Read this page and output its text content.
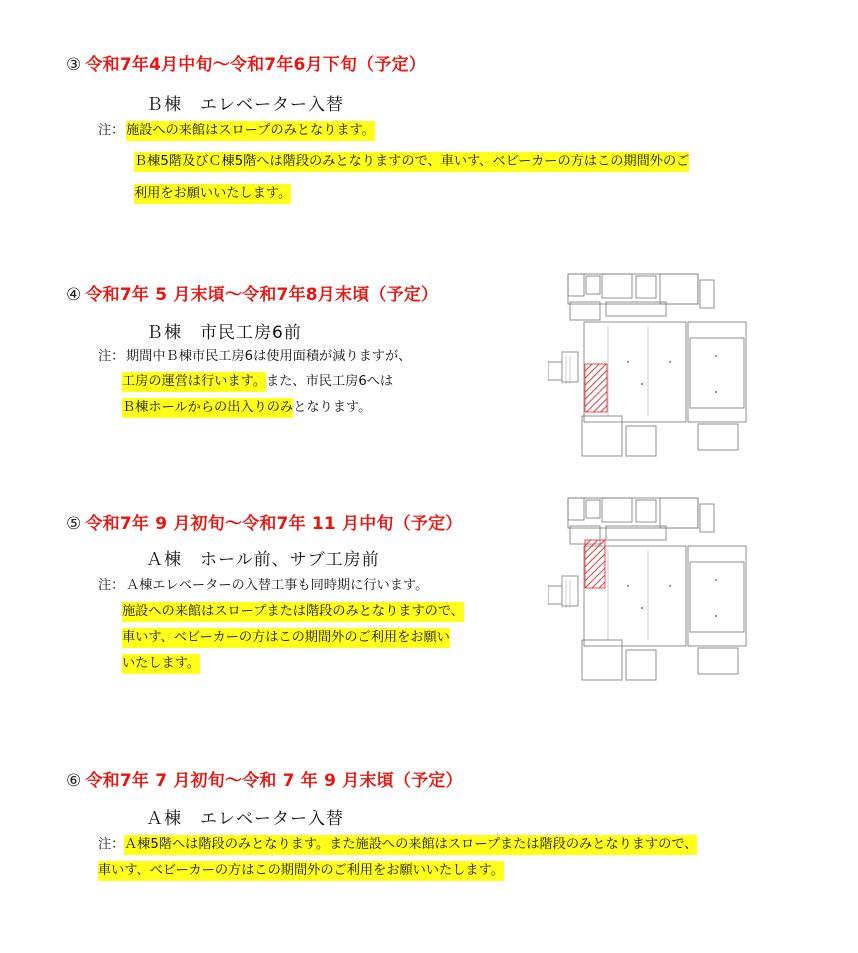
③ 令和7年4月中旬～令和7年6月下旬（予定）
Ｂ棟　エレベーター入替
注： 施設への来館はスロープのみとなります。
Ｂ棟5階及びＣ棟5階へは階段のみとなりますので、車いす、ベビーカーの方はこの期間外のご
利用をお願いいたします。
④ 令和7年 5 月末頃～令和7年8月末頃（予定）
Ｂ棟　市民工房6前
注： 期間中Ｂ棟市民工房6は使用面積が減りますが、
工房の運営は行います。また、市民工房6へは
Ｂ棟ホールからの出入りのみとなります。
⑤ 令和7年 9 月初旬～令和7年 11 月中旬（予定）
Ａ棟　ホール前、サブ工房前
注： Ａ棟エレベーターの入替工事も同時期に行います。
施設への来館はスロープまたは階段のみとなりますので、
車いす、ベビーカーの方はこの期間外のご利用をお願い
いたします。
⑥ 令和7年 7 月初旬～令和 7 年 9 月末頃（予定）
Ａ棟　エレベーター入替
注： Ａ棟5階へは階段のみとなります。また施設への来館はスロープまたは階段のみとなりますので、
車いす、ベビーカーの方はこの期間外のご利用をお願いいたします。
